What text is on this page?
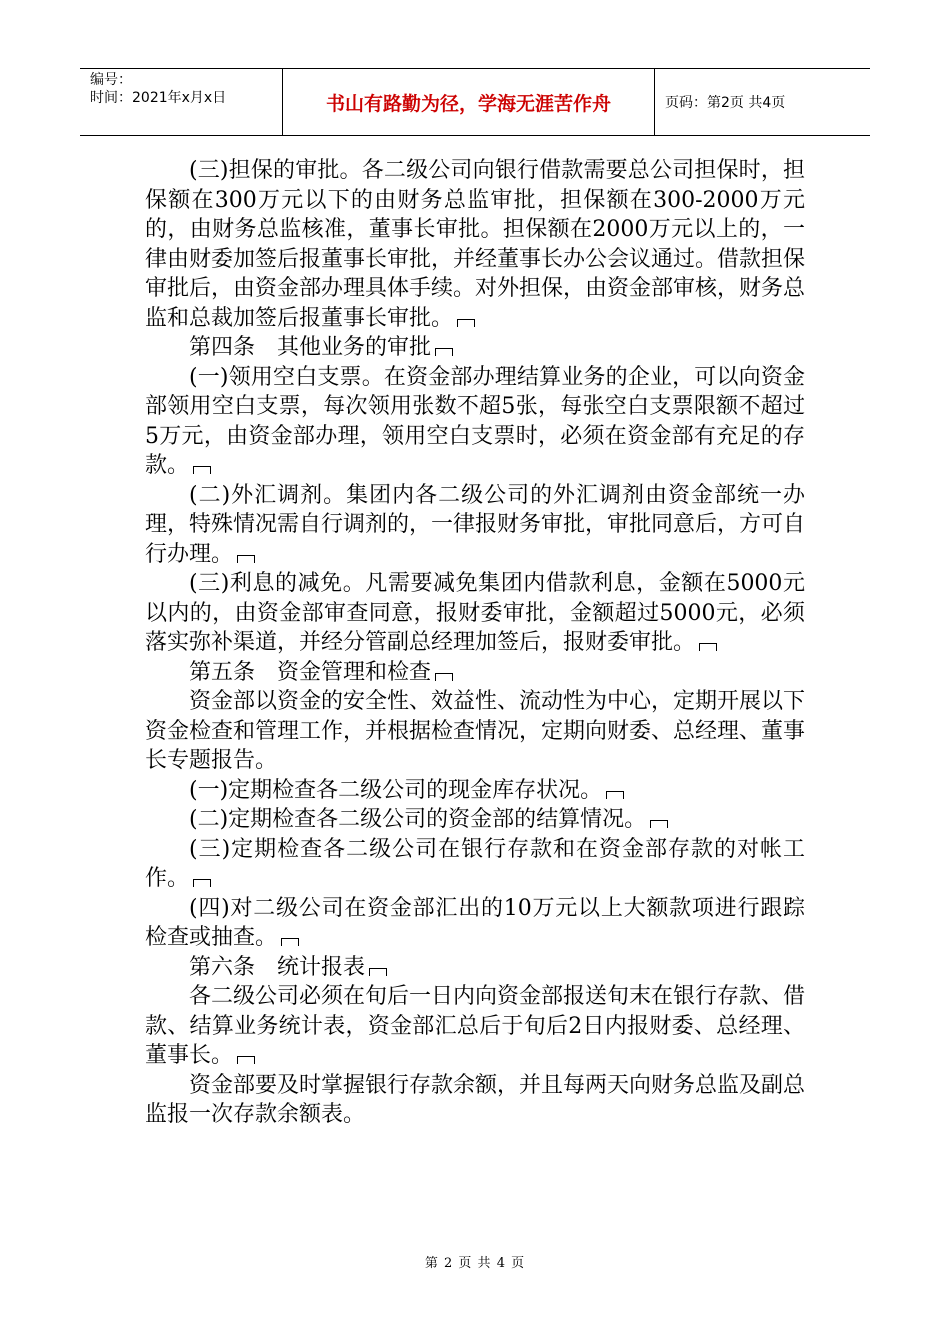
编号：
时间：2021年x月x日	书山有路勤为径，学海无涯苦作舟	页码：第2页 共4页

(三)担保的审批。各二级公司向银行借款需要总公司担保时，担保额在300万元以下的由财务总监审批，担保额在300-2000万元的，由财务总监核准，董事长审批。担保额在2000万元以上的，一律由财委加签后报董事长审批，并经董事长办公会议通过。借款担保审批后，由资金部办理具体手续。对外担保，由资金部审核，财务总监和总裁加签后报董事长审批。

第四条　其他业务的审批

(一)领用空白支票。在资金部办理结算业务的企业，可以向资金部领用空白支票，每次领用张数不超5张，每张空白支票限额不超过5万元，由资金部办理，领用空白支票时，必须在资金部有充足的存款。

(二)外汇调剂。集团内各二级公司的外汇调剂由资金部统一办理，特殊情况需自行调剂的，一律报财务审批，审批同意后，方可自行办理。

(三)利息的减免。凡需要减免集团内借款利息，金额在5000元以内的，由资金部审查同意，报财委审批，金额超过5000元，必须落实弥补渠道，并经分管副总经理加签后，报财委审批。

第五条　资金管理和检查

资金部以资金的安全性、效益性、流动性为中心，定期开展以下资金检查和管理工作，并根据检查情况，定期向财委、总经理、董事长专题报告。

(一)定期检查各二级公司的现金库存状况。

(二)定期检查各二级公司的资金部的结算情况。

(三)定期检查各二级公司在银行存款和在资金部存款的对帐工作。

(四)对二级公司在资金部汇出的10万元以上大额款项进行跟踪检查或抽查。

第六条　统计报表

各二级公司必须在旬后一日内向资金部报送旬末在银行存款、借款、结算业务统计表，资金部汇总后于旬后2日内报财委、总经理、董事长。

资金部要及时掌握银行存款余额，并且每两天向财务总监及副总监报一次存款余额表。

第 2 页 共 4 页
